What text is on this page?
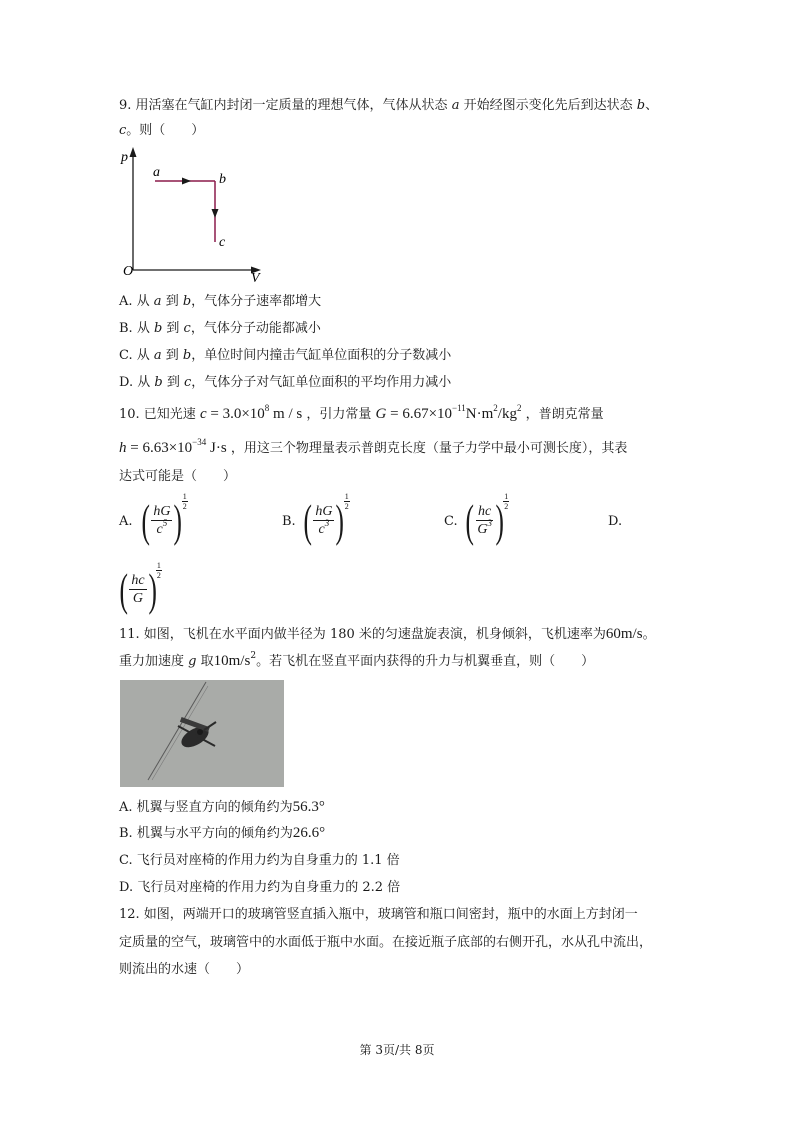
9. 用活塞在气缸内封闭一定质量的理想气体，气体从状态 a 开始经图示变化先后到达状态 b、
c。则（　　）
p
V
O
a	b
c
A. 从 a 到 b，气体分子速率都增大
B. 从 b 到 c，气体分子动能都减小
C. 从 a 到 b，单位时间内撞击气缸单位面积的分子数减小
D. 从 b 到 c，气体分子对气缸单位面积的平均作用力减小
10. 已知光速 $c = 3.0\times 10^8$ m / s ，引力常量 $G = 6.67\times 10^{-11}N\cdot m^2/kg^2$ ，普朗克常量
$h = 6.63\times 10^{-34}$ J·s ，用这三个物理量表示普朗克长度（量子力学中最小可测长度），其表
达式可能是（　　）
A. ( $\frac{hG}{c^5}$ ) $\frac{1}{2}$
B. ( $\frac{hG}{c^3}$ ) $\frac{1}{2}$
C. ( $\frac{hc}{G^3}$ ) $\frac{1}{2}$
D.
( $\frac{hc}{G}$ ) $\frac{1}{2}$
11. 如图，飞机在水平面内做半径为 180 米的匀速盘旋表演，机身倾斜，飞机速率为60m/s。
重力加速度 g 取$10m/s^2$。若飞机在竖直平面内获得的升力与机翼垂直，则（　　）
A. 机翼与竖直方向的倾角约为56.3°
B. 机翼与水平方向的倾角约为26.6°
C. 飞行员对座椅的作用力约为自身重力的 1.1 倍
D. 飞行员对座椅的作用力约为自身重力的 2.2 倍
12. 如图，两端开口的玻璃管竖直插入瓶中，玻璃管和瓶口间密封，瓶中的水面上方封闭一
定质量的空气，玻璃管中的水面低于瓶中水面。在接近瓶子底部的右侧开孔，水从孔中流出，
则流出的水速（　　）
第 3页/共 8页
